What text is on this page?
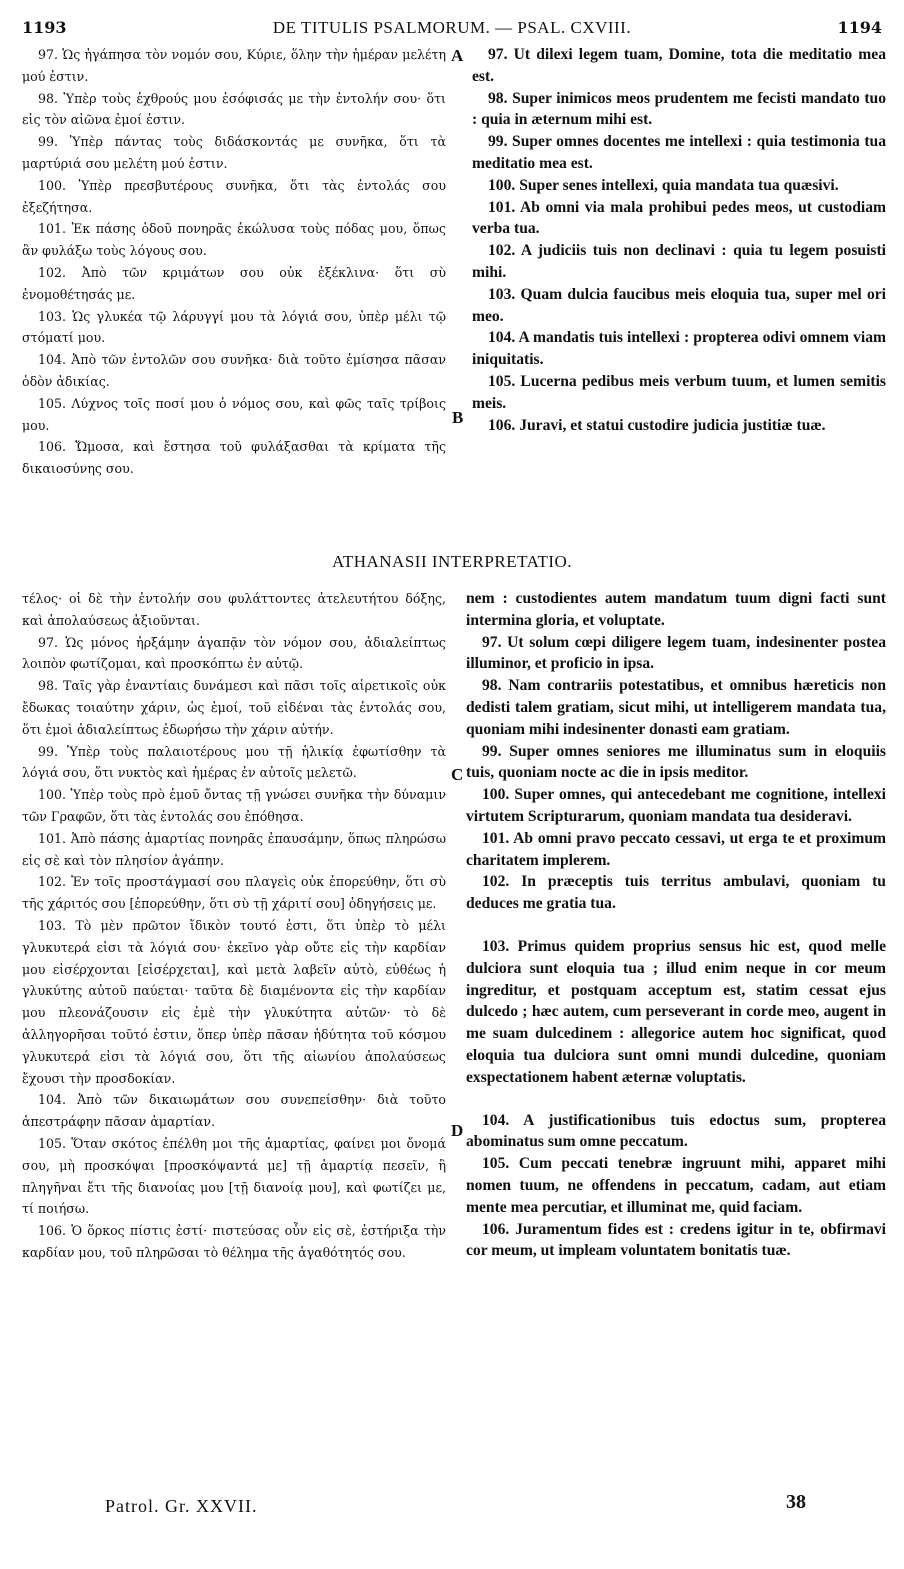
1193	DE TITULIS PSALMORUM. — PSAL. CXVIII.	1194

97. Ὡς ἠγάπησα τὸν νομόν σου, Κύριε, ὅλην τὴν ἡμέραν μελέτη μού ἐστιν.

98. Ὑπὲρ τοὺς ἐχθρούς μου ἐσόφισάς με τὴν ἐντολήν σου· ὅτι εἰς τὸν αἰῶνα ἐμοί ἐστιν.

99. Ὑπὲρ πάντας τοὺς διδάσκοντάς με συνῆκα, ὅτι τὰ μαρτύριά σου μελέτη μού ἐστιν.

100. Ὑπὲρ πρεσβυτέρους συνῆκα, ὅτι τὰς ἐντολάς σου ἐξεζήτησα.

101. Ἐκ πάσης ὁδοῦ πονηρᾶς ἐκώλυσα τοὺς πόδας μου, ὅπως ἂν φυλάξω τοὺς λόγους σου.

102. Ἀπὸ τῶν κριμάτων σου οὐκ ἐξέκλινα· ὅτι σὺ ἐνομοθέτησάς με.

103. Ὡς γλυκέα τῷ λάρυγγί μου τὰ λόγιά σου, ὑπὲρ μέλι τῷ στόματί μου.

104. Ἀπὸ τῶν ἐντολῶν σου συνῆκα· διὰ τοῦτο ἐμίσησα πᾶσαν ὁδὸν ἀδικίας.

105. Λύχνος τοῖς ποσί μου ὁ νόμος σου, καὶ φῶς ταῖς τρίβοις μου.

106. Ὤμοσα, καὶ ἔστησα τοῦ φυλάξασθαι τὰ κρίματα τῆς δικαιοσύνης σου.

97. Ut dilexi legem tuam, Domine, tota die meditatio mea est.

98. Super inimicos meos prudentem me fecisti mandato tuo : quia in æternum mihi est.

99. Super omnes docentes me intellexi : quia testimonia tua meditatio mea est.

100. Super senes intellexi, quia mandata tua quæsivi.

101. Ab omni via mala prohibui pedes meos, ut custodiam verba tua.

102. A judiciis tuis non declinavi : quia tu legem posuisti mihi.

103. Quam dulcia faucibus meis eloquia tua, super mel ori meo.

104. A mandatis tuis intellexi : propterea odivi omnem viam iniquitatis.

105. Lucerna pedibus meis verbum tuum, et lumen semitis meis.

106. Juravi, et statui custodire judicia justitiæ tuæ.

A
B
C
D
ATHANASII INTERPRETATIO.

τέλος· οἱ δὲ τὴν ἐντολήν σου φυλάττοντες ἀτελευτήτου δόξης, καὶ ἀπολαύσεως ἀξιοῦνται.

97. Ὡς μόνος ἠρξάμην ἀγαπᾷν τὸν νόμον σου, ἀδιαλείπτως λοιπὸν φωτίζομαι, καὶ προσκόπτω ἐν αὐτῷ.

98. Ταῖς γὰρ ἐναντίαις δυνάμεσι καὶ πᾶσι τοῖς αἱρετικοῖς οὐκ ἔδωκας τοιαύτην χάριν, ὡς ἐμοί, τοῦ εἰδέναι τὰς ἐντολάς σου, ὅτι ἐμοὶ ἀδιαλείπτως ἐδωρήσω τὴν χάριν αὐτήν.

99. Ὑπὲρ τοὺς παλαιοτέρους μου τῇ ἡλικίᾳ ἐφωτίσθην τὰ λόγιά σου, ὅτι νυκτὸς καὶ ἡμέρας ἐν αὐτοῖς μελετῶ.

100. Ὑπὲρ τοὺς πρὸ ἐμοῦ ὄντας τῇ γνώσει συνῆκα τὴν δύναμιν τῶν Γραφῶν, ὅτι τὰς ἐντολάς σου ἐπόθησα.

101. Ἀπὸ πάσης ἁμαρτίας πονηρᾶς ἐπαυσάμην, ὅπως πληρώσω εἰς σὲ καὶ τὸν πλησίον ἀγάπην.

102. Ἐν τοῖς προστάγμασί σου πλαγεὶς οὐκ ἐπορεύθην, ὅτι σὺ τῆς χάριτός σου [ἐπορεύθην, ὅτι σὺ τῇ χάριτί σου] ὁδηγήσεις με.

103. Τὸ μὲν πρῶτον ἴδικὸν τουτό ἐστι, ὅτι ὑπὲρ τὸ μέλι γλυκυτερά εἰσι τὰ λόγιά σου· ἐκεῖνο γὰρ οὔτε εἰς τὴν καρδίαν μου εἰσέρχονται [εἰσέρχεται], καὶ μετὰ λαβεῖν αὐτὸ, εὐθέως ἡ γλυκύτης αὐτοῦ παύεται· ταῦτα δὲ διαμένοντα εἰς τὴν καρδίαν μου πλεονάζουσιν εἰς ἐμὲ τὴν γλυκύτητα αὐτῶν· τὸ δὲ ἀλληγορῆσαι τοῦτό ἐστιν, ὅπερ ὑπὲρ πᾶσαν ἡδύτητα τοῦ κόσμου γλυκυτερά εἰσι τὰ λόγιά σου, ὅτι τῆς αἰωνίου ἀπολαύσεως ἔχουσι τὴν προσδοκίαν.

104. Ἀπὸ τῶν δικαιωμάτων σου συνεπείσθην· διὰ τοῦτο ἀπεστράφην πᾶσαν ἁμαρτίαν.

105. Ὅταν σκότος ἐπέλθη μοι τῆς ἁμαρτίας, φαίνει μοι ὄνομά σου, μὴ προσκόψαι [προσκόψαντά με] τῇ ἁμαρτίᾳ πεσεῖν, ἢ πληγῆναι ἔτι τῆς διανοίας μου [τῇ διανοίᾳ μου], καὶ φωτίζει με, τί ποιήσω.

106. Ὁ ὅρκος πίστις ἐστί· πιστεύσας οὖν εἰς σὲ, ἐστήριξα τὴν καρδίαν μου, τοῦ πληρῶσαι τὸ θέλημα τῆς ἀγαθότητός σου.

nem : custodientes autem mandatum tuum digni facti sunt intermina gloria, et voluptate.

97. Ut solum cœpi diligere legem tuam, indesinenter postea illuminor, et proficio in ipsa.

98. Nam contrariis potestatibus, et omnibus hæreticis non dedisti talem gratiam, sicut mihi, ut intelligerem mandata tua, quoniam mihi indesinenter donasti eam gratiam.

99. Super omnes seniores me illuminatus sum in eloquiis tuis, quoniam nocte ac die in ipsis meditor.

100. Super omnes, qui antecedebant me cognitione, intellexi virtutem Scripturarum, quoniam mandata tua desideravi.

101. Ab omni pravo peccato cessavi, ut erga te et proximum charitatem implerem.

102. In præceptis tuis territus ambulavi, quoniam tu deduces me gratia tua.

103. Primus quidem proprius sensus hic est, quod melle dulciora sunt eloquia tua ; illud enim neque in cor meum ingreditur, et postquam acceptum est, statim cessat ejus dulcedo ; hæc autem, cum perseverant in corde meo, augent in me suam dulcedinem : allegorice autem hoc significat, quod eloquia tua dulciora sunt omni mundi dulcedine, quoniam exspectationem habent æternæ voluptatis.

104. A justificationibus tuis edoctus sum, propterea abominatus sum omne peccatum.

105. Cum peccati tenebræ ingruunt mihi, apparet mihi nomen tuum, ne offendens in peccatum, cadam, aut etiam mente mea percutiar, et illuminat me, quid faciam.

106. Juramentum fides est : credens igitur in te, obfirmavi cor meum, ut impleam voluntatem bonitatis tuæ.

Patrol. Gr. XXVII.	38
